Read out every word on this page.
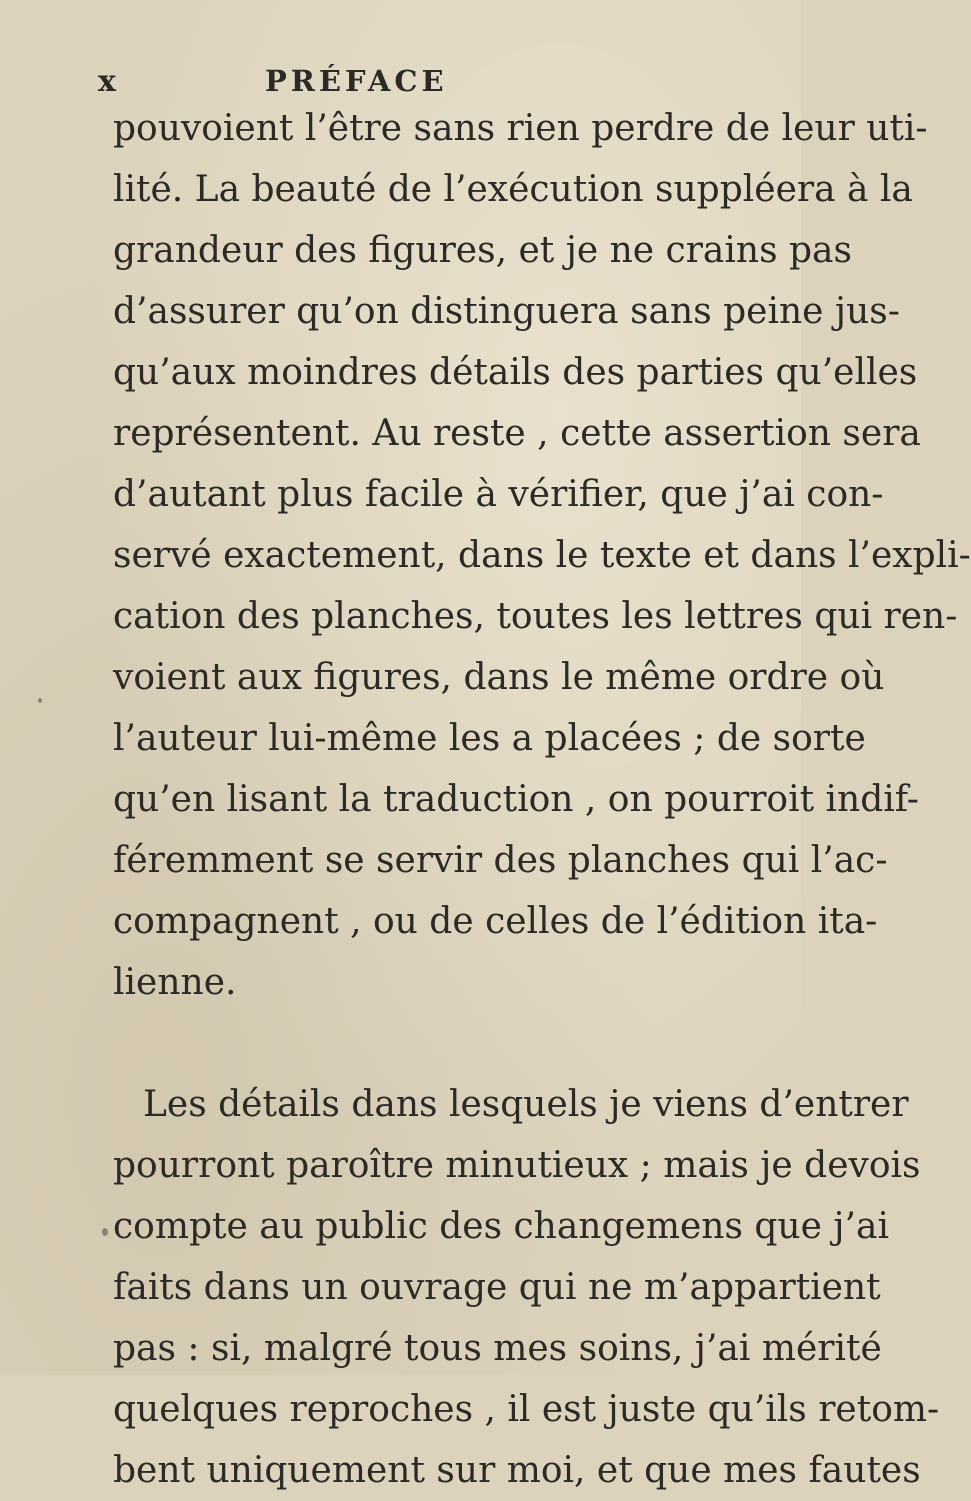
x	PRÉFACE
pouvoient l’être sans rien perdre de leur uti-
lité. La beauté de l’exécution suppléera à la
grandeur des figures, et je ne crains pas
d’assurer qu’on distinguera sans peine jus-
qu’aux moindres détails des parties qu’elles
représentent. Au reste , cette assertion sera
d’autant plus facile à vérifier, que j’ai con-
servé exactement, dans le texte et dans l’expli-
cation des planches, toutes les lettres qui ren-
voient aux figures, dans le même ordre où
l’auteur lui-même les a placées ; de sorte
qu’en lisant la traduction , on pourroit indif-
féremment se servir des planches qui l’ac-
compagnent , ou de celles de l’édition ita-
lienne.
Les détails dans lesquels je viens d’entrer
pourront paroître minutieux ; mais je devois
compte au public des changemens que j’ai
faits dans un ouvrage qui ne m’appartient
pas : si, malgré tous mes soins, j’ai mérité
quelques reproches , il est juste qu’ils retom-
bent uniquement sur moi, et que mes fautes
